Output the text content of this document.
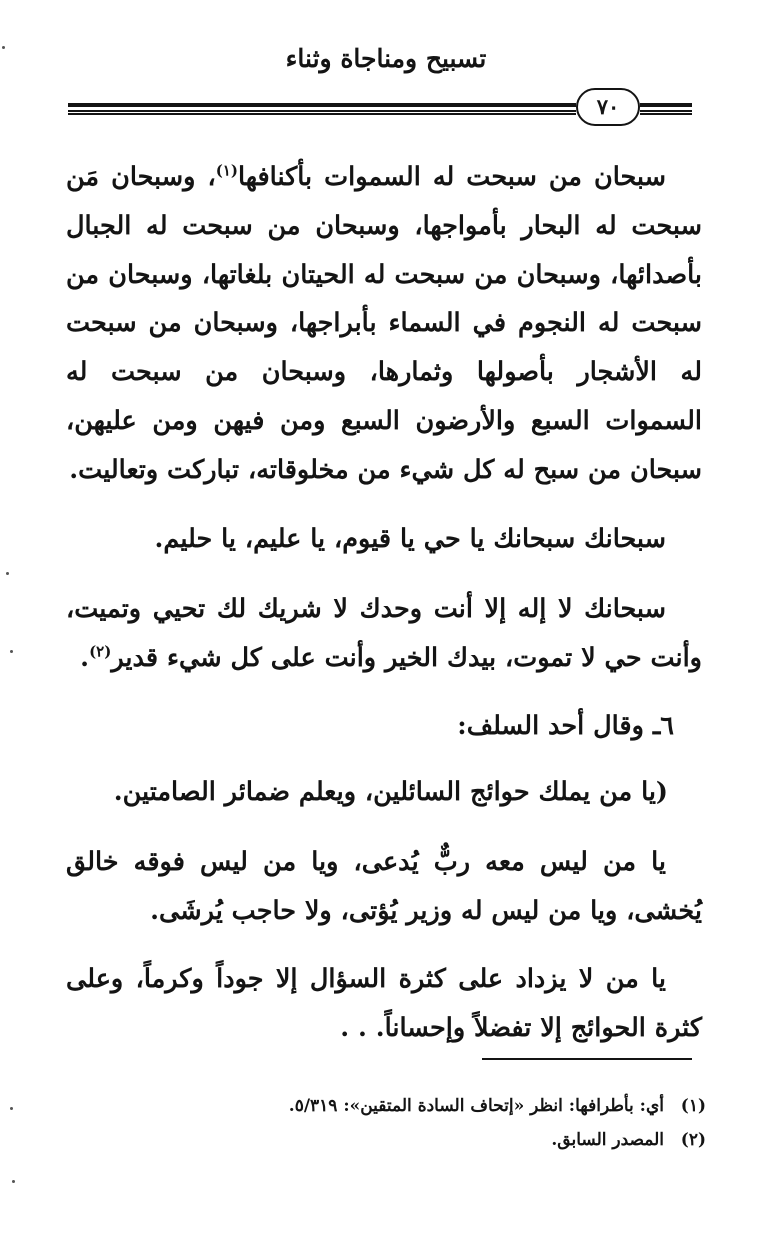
تسبيح ومناجاة وثناء
٧٠

سبحان من سبحت له السموات بأكنافها$^{(١)}$، وسبحان مَن سبحت له البحار بأمواجها، وسبحان من سبحت له الجبال بأصدائها، وسبحان من سبحت له الحيتان بلغاتها، وسبحان من سبحت له النجوم في السماء بأبراجها، وسبحان من سبحت له الأشجار بأصولها وثمارها، وسبحان من سبحت له السموات السبع والأرضون السبع ومن فيهن ومن عليهن، سبحان من سبح له كل شيء من مخلوقاته، تباركت وتعاليت.

سبحانك سبحانك يا حي يا قيوم، يا عليم، يا حليم.

سبحانك لا إله إلا أنت وحدك لا شريك لك تحيي وتميت، وأنت حي لا تموت، بيدك الخير وأنت على كل شيء قدير$^{(٢)}$.

٦ـ وقال أحد السلف:

(يا من يملك حوائج السائلين، ويعلم ضمائر الصامتين.

يا من ليس معه ربٌّ يُدعى، ويا من ليس فوقه خالق يُخشى، ويا من ليس له وزير يُؤتى، ولا حاجب يُرشَى.

يا من لا يزداد على كثرة السؤال إلا جوداً وكرماً، وعلى كثرة الحوائج إلا تفضلاً وإحساناً. . .

(١)أي: بأطرافها: انظر «إتحاف السادة المتقين»: ٥/٣١٩.
(٢)المصدر السابق.
